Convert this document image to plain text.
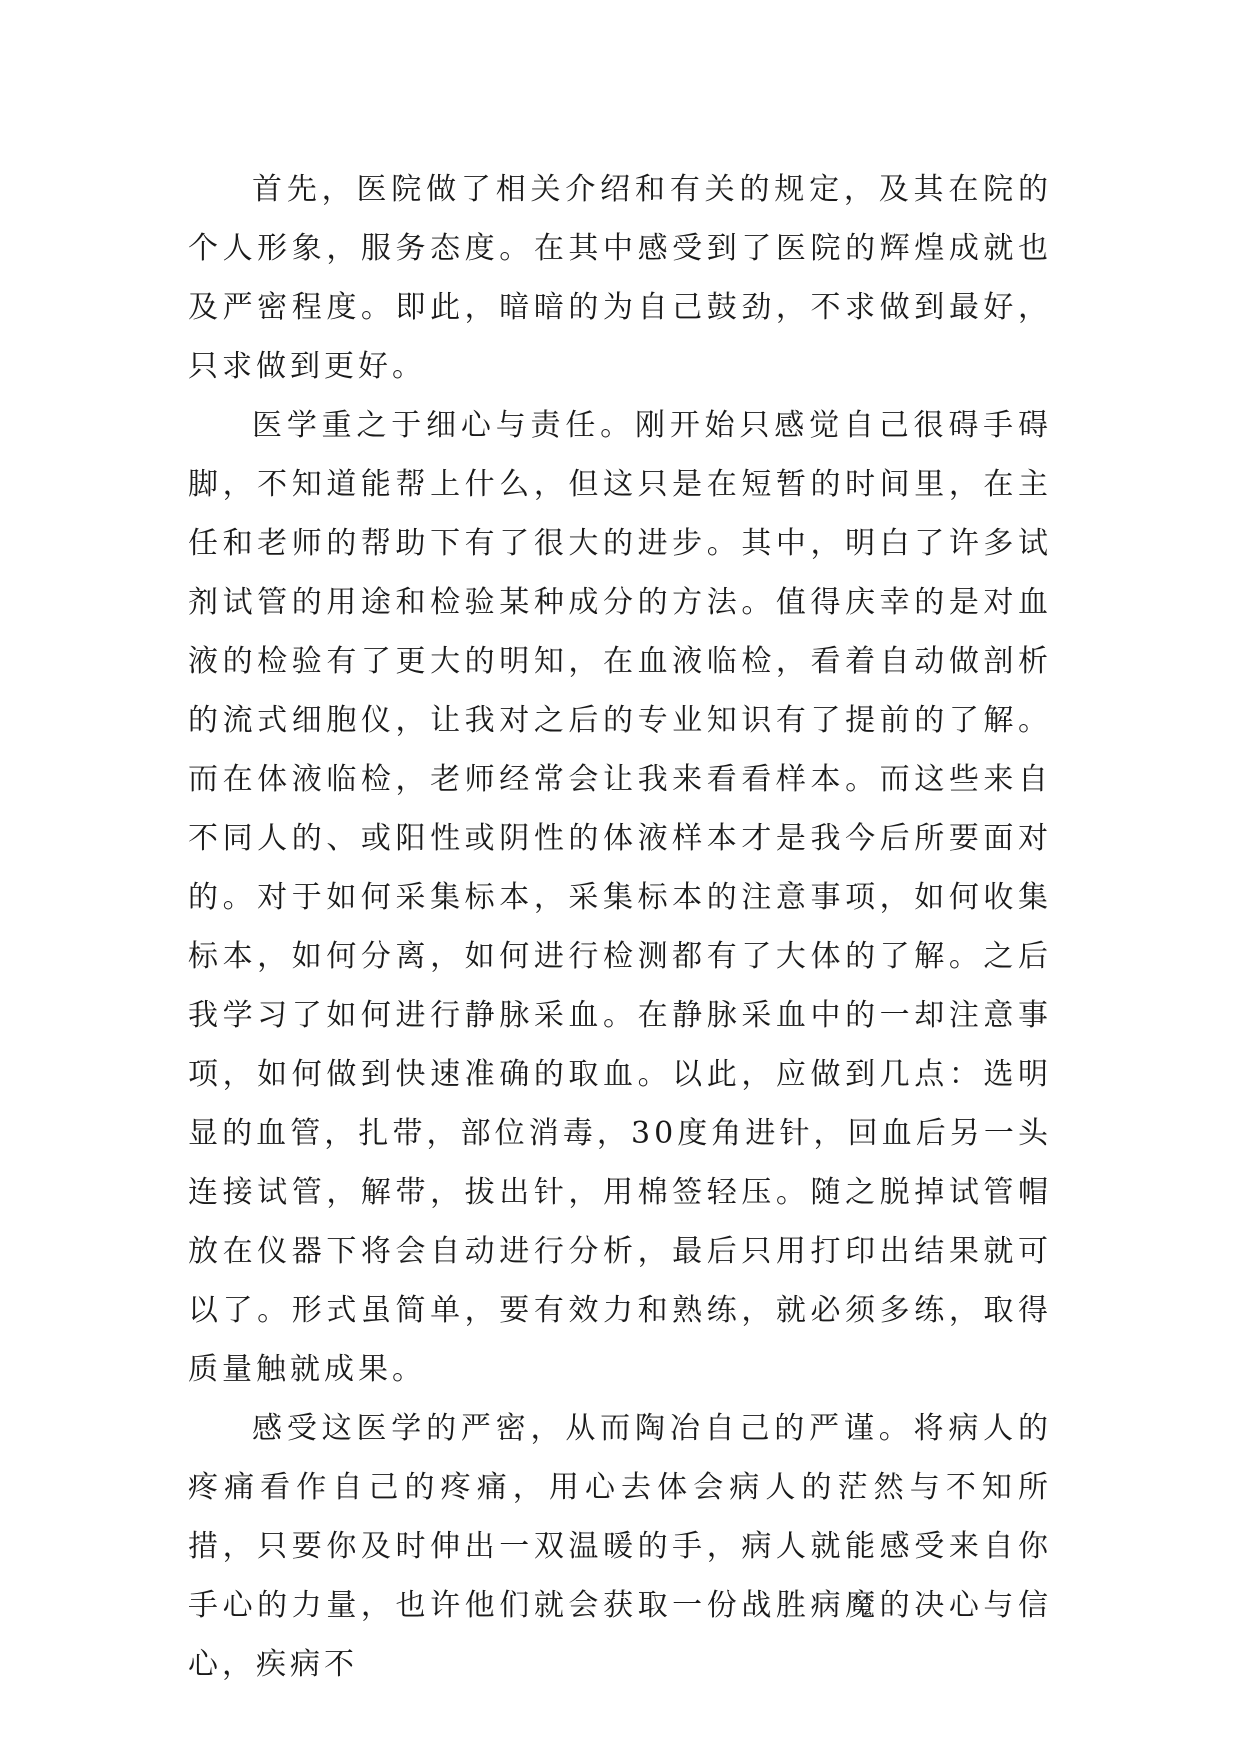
首先，医院做了相关介绍和有关的规定，及其在院的个人形象，服务态度。在其中感受到了医院的辉煌成就也及严密程度。即此，暗暗的为自己鼓劲，不求做到最好，只求做到更好。

医学重之于细心与责任。刚开始只感觉自己很碍手碍脚，不知道能帮上什么，但这只是在短暂的时间里，在主任和老师的帮助下有了很大的进步。其中，明白了许多试剂试管的用途和检验某种成分的方法。值得庆幸的是对血液的检验有了更大的明知，在血液临检，看着自动做剖析的流式细胞仪，让我对之后的专业知识有了提前的了解。而在体液临检，老师经常会让我来看看样本。而这些来自不同人的、或阳性或阴性的体液样本才是我今后所要面对的。对于如何采集标本，采集标本的注意事项，如何收集标本，如何分离，如何进行检测都有了大体的了解。之后我学习了如何进行静脉采血。在静脉采血中的一却注意事项，如何做到快速准确的取血。以此，应做到几点：选明显的血管，扎带，部位消毒，30度角进针，回血后另一头连接试管，解带，拔出针，用棉签轻压。随之脱掉试管帽放在仪器下将会自动进行分析，最后只用打印出结果就可以了。形式虽简单，要有效力和熟练，就必须多练，取得质量触就成果。

感受这医学的严密，从而陶冶自己的严谨。将病人的疼痛看作自己的疼痛，用心去体会病人的茫然与不知所措，只要你及时伸出一双温暖的手，病人就能感受来自你手心的力量，也许他们就会获取一份战胜病魔的决心与信心，疾病不
